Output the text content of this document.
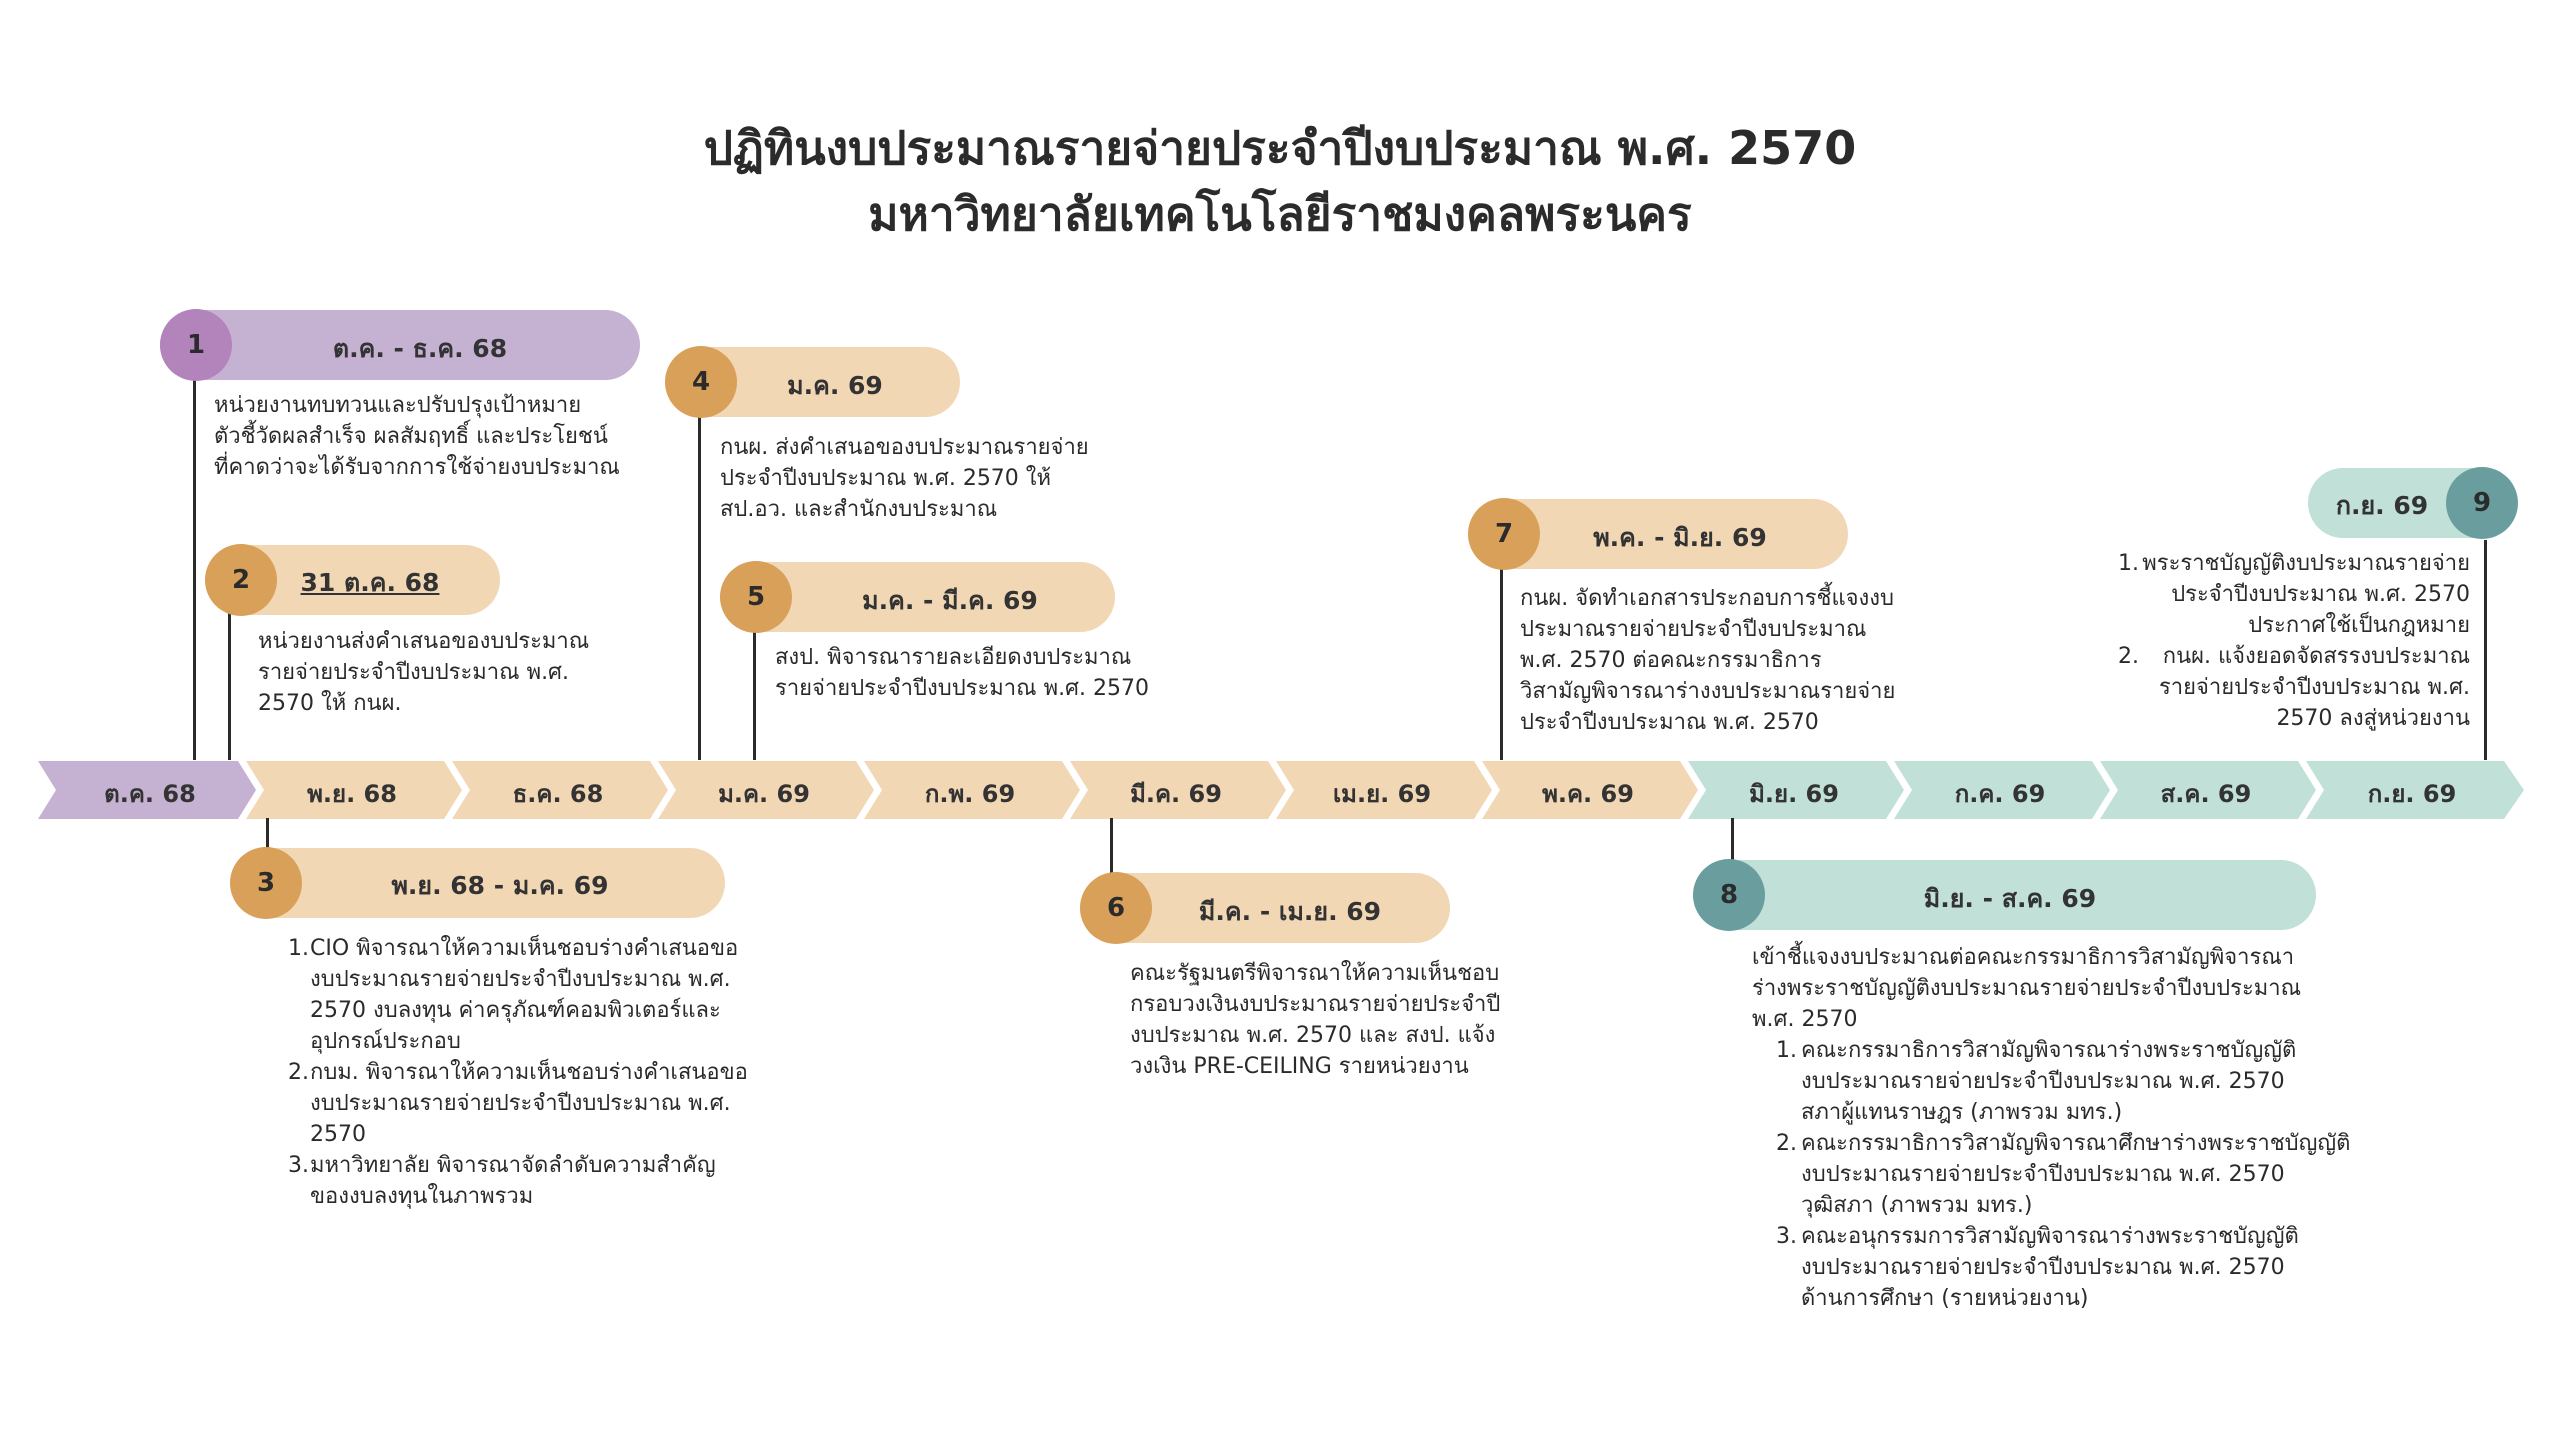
ปฏิทินงบประมาณรายจ่ายประจำปีงบประมาณ พ.ศ. 2570
มหาวิทยาลัยเทคโนโลยีราชมงคลพระนคร
ต.ค. 68	พ.ย. 68	ธ.ค. 68	ม.ค. 69	ก.พ. 69	มี.ค. 69	เม.ย. 69	พ.ค. 69	มิ.ย. 69	ก.ค. 69	ส.ค. 69	ก.ย. 69
1	ต.ค. - ธ.ค. 68
หน่วยงานทบทวนและปรับปรุงเป้าหมาย
ตัวชี้วัดผลสำเร็จ ผลสัมฤทธิ์ และประโยชน์
ที่คาดว่าจะได้รับจากการใช้จ่ายงบประมาณ
2	31 ต.ค. 68
หน่วยงานส่งคำเสนอของบประมาณ
รายจ่ายประจำปีงบประมาณ พ.ศ.
2570 ให้ กนผ.
3	พ.ย. 68 - ม.ค. 69
1. CIO พิจารณาให้ความเห็นชอบร่างคำเสนอขอ
งบประมาณรายจ่ายประจำปีงบประมาณ พ.ศ.
2570 งบลงทุน ค่าครุภัณฑ์คอมพิวเตอร์และ
อุปกรณ์ประกอบ
2. กบม. พิจารณาให้ความเห็นชอบร่างคำเสนอขอ
งบประมาณรายจ่ายประจำปีงบประมาณ พ.ศ.
2570
3. มหาวิทยาลัย พิจารณาจัดลำดับความสำคัญ
ของงบลงทุนในภาพรวม
4	ม.ค. 69
กนผ. ส่งคำเสนอของบประมาณรายจ่าย
ประจำปีงบประมาณ พ.ศ. 2570 ให้
สป.อว. และสำนักงบประมาณ
5	ม.ค. - มี.ค. 69
สงป. พิจารณารายละเอียดงบประมาณ
รายจ่ายประจำปีงบประมาณ พ.ศ. 2570
6	มี.ค. - เม.ย. 69
คณะรัฐมนตรีพิจารณาให้ความเห็นชอบ
กรอบวงเงินงบประมาณรายจ่ายประจำปี
งบประมาณ พ.ศ. 2570 และ สงป. แจ้ง
วงเงิน PRE-CEILING รายหน่วยงาน
7	พ.ค. - มิ.ย. 69
กนผ. จัดทำเอกสารประกอบการชี้แจงงบ
ประมาณรายจ่ายประจำปีงบประมาณ
พ.ศ. 2570 ต่อคณะกรรมาธิการ
วิสามัญพิจารณาร่างงบประมาณรายจ่าย
ประจำปีงบประมาณ พ.ศ. 2570
8	มิ.ย. - ส.ค. 69
เข้าชี้แจงงบประมาณต่อคณะกรรมาธิการวิสามัญพิจารณา
ร่างพระราชบัญญัติงบประมาณรายจ่ายประจำปีงบประมาณ
พ.ศ. 2570
1. คณะกรรมาธิการวิสามัญพิจารณาร่างพระราชบัญญัติ
งบประมาณรายจ่ายประจำปีงบประมาณ พ.ศ. 2570
สภาผู้แทนราษฎร (ภาพรวม มทร.)
2. คณะกรรมาธิการวิสามัญพิจารณาศึกษาร่างพระราชบัญญัติ
งบประมาณรายจ่ายประจำปีงบประมาณ พ.ศ. 2570
วุฒิสภา (ภาพรวม มทร.)
3. คณะอนุกรรมการวิสามัญพิจารณาร่างพระราชบัญญัติ
งบประมาณรายจ่ายประจำปีงบประมาณ พ.ศ. 2570
ด้านการศึกษา (รายหน่วยงาน)
9
ก.ย. 69
1. พระราชบัญญัติงบประมาณรายจ่าย
ประจำปีงบประมาณ พ.ศ. 2570
ประกาศใช้เป็นกฎหมาย
2.	กนผ. แจ้งยอดจัดสรรงบประมาณ
รายจ่ายประจำปีงบประมาณ พ.ศ.
2570 ลงสู่หน่วยงาน
